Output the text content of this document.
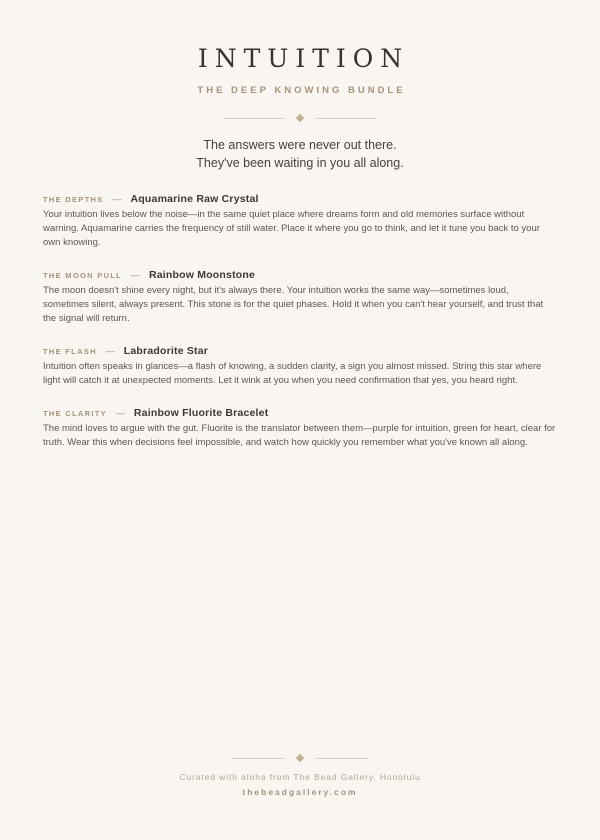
INTUITION
THE DEEP KNOWING BUNDLE
The answers were never out there.
They've been waiting in you all along.
THE DEPTHS — Aquamarine Raw Crystal
Your intuition lives below the noise—in the same quiet place where dreams form and old memories surface without warning. Aquamarine carries the frequency of still water. Place it where you go to think, and let it tune you back to your own knowing.
THE MOON PULL — Rainbow Moonstone
The moon doesn't shine every night, but it's always there. Your intuition works the same way—sometimes loud, sometimes silent, always present. This stone is for the quiet phases. Hold it when you can't hear yourself, and trust that the signal will return.
THE FLASH — Labradorite Star
Intuition often speaks in glances—a flash of knowing, a sudden clarity, a sign you almost missed. String this star where light will catch it at unexpected moments. Let it wink at you when you need confirmation that yes, you heard right.
THE CLARITY — Rainbow Fluorite Bracelet
The mind loves to argue with the gut. Fluorite is the translator between them—purple for intuition, green for heart, clear for truth. Wear this when decisions feel impossible, and watch how quickly you remember what you've known all along.
Curated with aloha from The Bead Gallery, Honolulu
thebeadgallery.com
